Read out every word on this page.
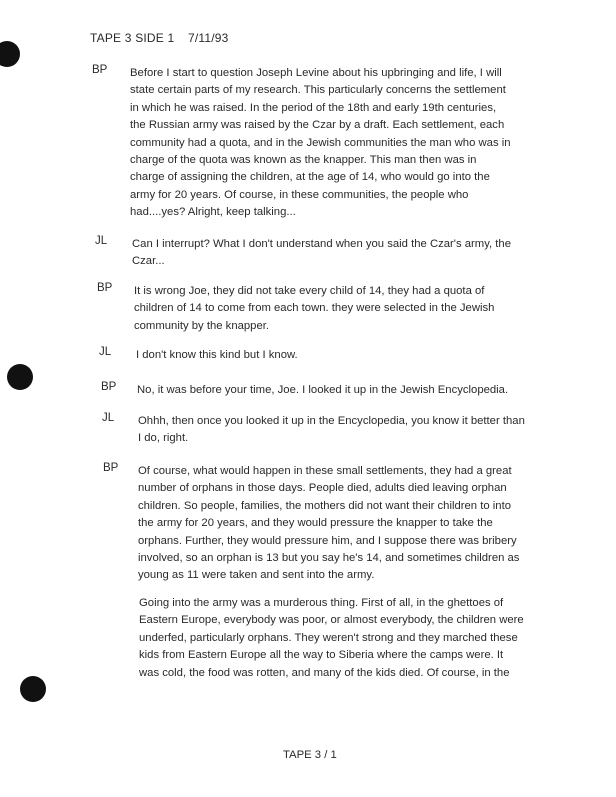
TAPE 3 SIDE 1 7/11/93
BP Before I start to question Joseph Levine about his upbringing and life, I will

state certain parts of my research. This particularly concerns the settlement

in which he was raised. In the period of the 18th and early 19th centuries,

the Russian army was raised by the Czar by a draft. Each settlement, each

community had a quota, and in the Jewish communities the man who was in

charge of the quota was known as the knapper. This man then was in

charge of assigning the children, at the age of 14, who would go into the

army for 20 years. Of course, in these communities, the people who

had....yes? Alright, keep talking...

JL Can I interrupt? What I don't understand when you said the Czar's army, the

Czar...

BP It is wrong Joe, they did not take every child of 14, they had a quota of

children of 14 to come from each town. they were selected in the Jewish

community by the knapper.

JL I don't know this kind but I know.

BP No, it was before your time, Joe. I looked it up in the Jewish Encyclopedia.

JL Ohhh, then once you looked it up in the Encyclopedia, you know it better than

I do, right.

BP Of course, what would happen in these small settlements, they had a great

number of orphans in those days. People died, adults died leaving orphan

children. So people, families, the mothers did not want their children to into

the army for 20 years, and they would pressure the knapper to take the

orphans. Further, they would pressure him, and I suppose there was bribery

involved, so an orphan is 13 but you say he's 14, and sometimes children as

young as 11 were taken and sent into the army.

Going into the army was a murderous thing. First of all, in the ghettoes of

Eastern Europe, everybody was poor, or almost everybody, the children were

underfed, particularly orphans. They weren't strong and they marched these

kids from Eastern Europe all the way to Siberia where the camps were. It

was cold, the food was rotten, and many of the kids died. Of course, in the

TAPE 3 / 1
